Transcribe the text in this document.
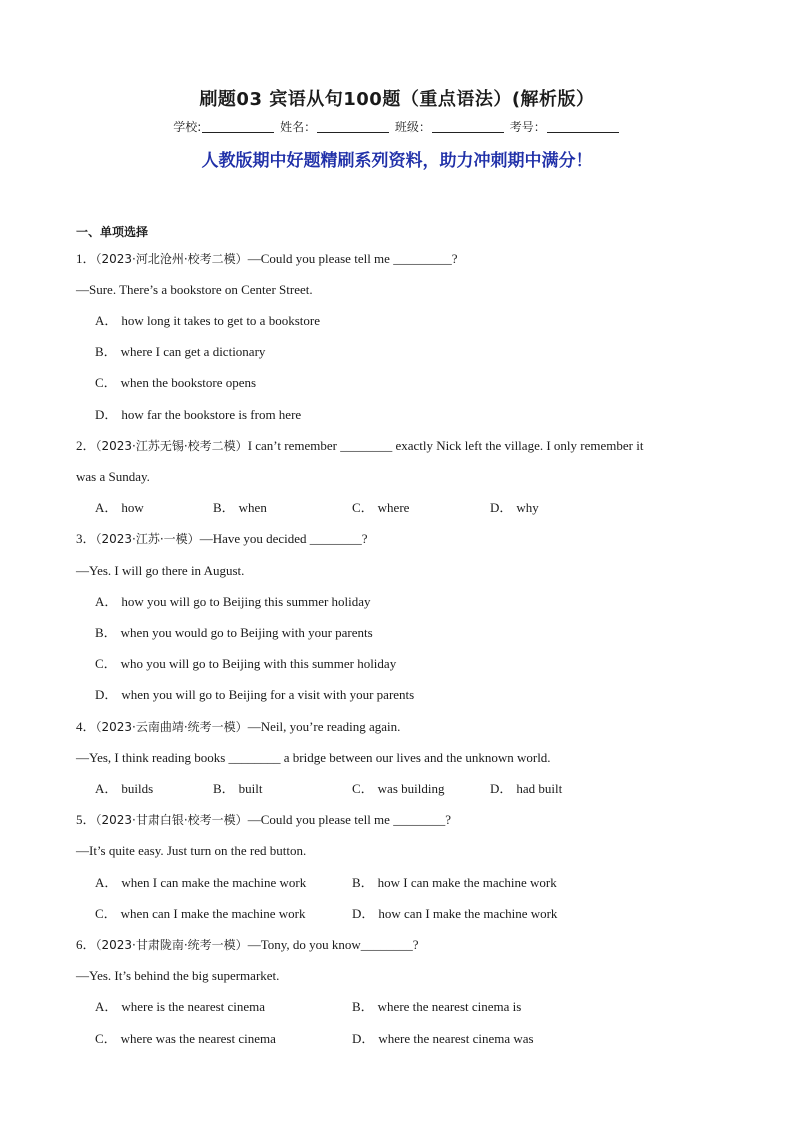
刷题03 宾语从句100题（重点语法）(解析版）
学校:	姓名：	班级：	考号：
人教版期中好题精刷系列资料，助力冲刺期中满分！
一、单项选择
1．（2023·河北沧州·校考二模）—Could you please tell me _________?
—Sure. There’s a bookstore on Center Street.
A． how long it takes to get to a bookstore
B． where I can get a dictionary
C． when the bookstore opens
D． how far the bookstore is from here
2．（2023·江苏无锡·校考二模）I can’t remember ________ exactly Nick left the village. I only remember it
was a Sunday.
A． how	B． when	C． where	D． why
3．（2023·江苏·一模）—Have you decided ________?
—Yes. I will go there in August.
A． how you will go to Beijing this summer holiday
B． when you would go to Beijing with your parents
C． who you will go to Beijing with this summer holiday
D． when you will go to Beijing for a visit with your parents
4．（2023·云南曲靖·统考一模）—Neil, you’re reading again.
—Yes, I think reading books ________ a bridge between our lives and the unknown world.
A． builds	B． built	C． was building	D． had built
5．（2023·甘肃白银·校考一模）—Could you please tell me ________?
—It’s quite easy. Just turn on the red button.
A． when I can make the machine work	B． how I can make the machine work
C． when can I make the machine work	D． how can I make the machine work
6．（2023·甘肃陇南·统考一模）—Tony, do you know________?
—Yes. It’s behind the big supermarket.
A． where is the nearest cinema	B． where the nearest cinema is
C． where was the nearest cinema	D． where the nearest cinema was
